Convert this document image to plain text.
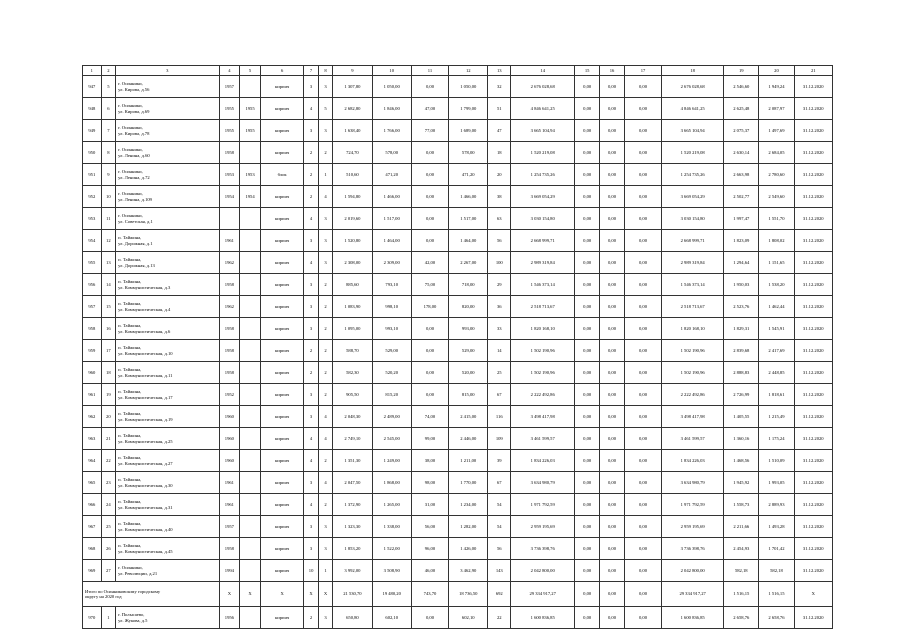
1	2	3	4	5	6	7	8	9	10	11	12	13	14	15	16	17	18	19	20	21
947	5	г. Осинники,
ул. Кирова, д.56	1957		кирпич	3	3	1 307,80	1 050,00	0,00	1 050,00	32	2 676 028,68	0,00	0,00	0,00	2 676 028,68	2 546,60	1 949,24	31.12.2020
948	6	г. Осинники,
ул. Кирова, д.69	1955	1955	кирпич	4	5	2 682,80	1 846,00	47,00	1 799,00	51	4 846 641,25	0,00	0,00	0,00	4 846 641,25	2 625,48	2 087,97	31.12.2020
949	7	г. Осинники,
ул. Кирова, д.78	1955	1955	кирпич	3	3	1 638,40	1 766,00	77,00	1 689,00	47	3 665 104,94	0,00	0,00	0,00	3 665 104,94	2 075,37	1 497,69	31.12.2020
950	8	г. Осинники,
ул. Ленина, д.60	1958		кирпич	2	2	724,70	578,00	0,00	578,00	18	1 520 219,08	0,00	0,00	0,00	1 520 219,08	2 630,14	2 684,05	31.12.2020
951	9	г. Осинники,
ул. Ленина, д.72	1953	1953	блок	2	1	510,60	471,20	0,00	471,20	20	1 254 735,26	0,00	0,00	0,00	1 254 735,26	2 663,98	2 780,60	31.12.2020
952	10	г. Осинники,
ул. Ленина, д.109	1954	1954	кирпич	2	4	1 594,80	1 466,00	0,00	1 466,00	38	3 669 054,29	0,00	0,00	0,00	3 669 054,29	2 502,77	2 549,60	31.12.2020
953	11	г. Осинники,
ул. Советская, д.1			кирпич	4	3	2 019,60	1 517,00	0,00	1 517,00	63	3 030 154,80	0,00	0,00	0,00	3 030 154,80	1 997,47	1 551,70	31.12.2020
954	12	п. Тайжина,
ул. Дорожная, д.1	1961		кирпич	3	3	1 520,80	1 464,00	0,00	1 464,00	56	2 668 999,71	0,00	0,00	0,00	2 668 999,71	1 823,09	1 808,02	31.12.2020
955	13	п. Тайжина,
ул. Дорожная, д.13	1962		кирпич	4	3	2 308,00	2 309,00	42,00	2 267,00	100	2 989 319,84	0,00	0,00	0,00	2 989 319,84	1 294,64	1 151,65	31.12.2020
956	14	п. Тайжина,
ул. Коммунистическая, д.3	1958		кирпич	3	2	885,60	793,10	75,00	718,00	29	1 546 373,14	0,00	0,00	0,00	1 546 373,14	1 950,03	1 538,20	31.12.2020
957	15	п. Тайжина,
ул. Коммунистическая, д.4	1962		кирпич	3	2	1 083,90	998,10	178,00	820,00	36	2 518 713,67	0,00	0,00	0,00	2 518 713,67	2 523,76	1 462,44	31.12.2020
958	16	п. Тайжина,
ул. Коммунистическая, д.6	1958		кирпич	3	2	1 095,00	993,10	0,00	993,00	33	1 820 168,10	0,00	0,00	0,00	1 820 168,10	1 829,31	1 545,91	31.12.2020
959	17	п. Тайжина,
ул. Коммунистическая, д.10	1958		кирпич	2	2	588,70	529,00	0,00	529,00	14	1 502 190,96	0,00	0,00	0,00	1 502 190,96	2 839,68	2 417,69	31.12.2020
960	18	п. Тайжина,
ул. Коммунистическая, д.11	1958		кирпич	2	2	582,30	520,20	0,00	520,00	25	1 502 190,96	0,00	0,00	0,00	1 502 190,96	2 888,83	2 448,85	31.12.2020
961	19	п. Тайжина,
ул. Коммунистическая, д.17	1952		кирпич	3	2	905,50	815,20	0,00	815,00	67	2 222 492,86	0,00	0,00	0,00	2 222 492,86	2 726,99	1 818,61	31.12.2020
962	20	п. Тайжина,
ул. Коммунистическая, д.19	1960		кирпич	3	4	2 048,30	2 489,00	74,00	2 415,00	116	3 498 417,98	0,00	0,00	0,00	3 498 417,98	1 405,55	1 215,49	31.12.2020
963	21	п. Тайжина,
ул. Коммунистическая, д.25	1960		кирпич	4	4	2 749,10	2 545,00	99,00	2 446,00	109	3 461 599,57	0,00	0,00	0,00	3 461 599,57	1 360,16	1 175,24	31.12.2020
964	22	п. Тайжина,
ул. Коммунистическая, д.27	1960		кирпич	4	2	1 351,30	1 249,00	38,00	1 211,00	39	1 834 226,03	0,00	0,00	0,00	1 834 226,03	1 468,56	1 510,09	31.12.2020
965	23	п. Тайжина,
ул. Коммунистическая, д.30	1961		кирпич	3	4	2 047,50	1 868,00	98,00	1 770,00	67	3 634 980,79	0,00	0,00	0,00	3 634 980,79	1 945,92	1 993,05	31.12.2020
966	24	п. Тайжина,
ул. Коммунистическая, д.31	1961		кирпич	4	2	1 372,90	1 265,00	31,00	1 234,00	54	1 971 792,59	0,00	0,00	0,00	1 971 792,59	1 558,73	2 889,93	31.12.2020
967	25	п. Тайжина,
ул. Коммунистическая, д.40	1957		кирпич	3	3	1 323,30	1 338,00	56,00	1 282,00	54	2 959 195,69	0,00	0,00	0,00	2 959 195,69	2 211,66	1 493,28	31.12.2020
968	26	п. Тайжина,
ул. Коммунистическая, д.45	1958		кирпич	3	3	1 853,20	1 522,00	96,00	1 426,00	56	3 736 398,76	0,00	0,00	0,00	3 736 398,76	2 454,93	1 701,42	31.12.2020
969	27	г. Осинники,
ул. Революции, д.21	1994		кирпич	10	1	3 992,00	3 508,90	46,00	3 462,90	143	2 042 800,00	0,00	0,00	0,00	2 042 800,00	582,18	582,18	31.12.2020

Итого по Осинниковскому городскому
округу на 2020 год			X	X	X	X	X	21 530,70	19 480,20	743,70	18 736,50	692	29 334 917,27	0,00	0,00	0,00	29 334 917,27	1 516,15	1 516,15	X
970	1	г. Полысаево,
ул. Жукова, д.5	1956		кирпич	2	3	650,80	602,10	0,00	602,10	22	1 600 836,85	0,00	0,00	0,00	1 600 836,85	2 658,76	2 658,76	31.12.2020
